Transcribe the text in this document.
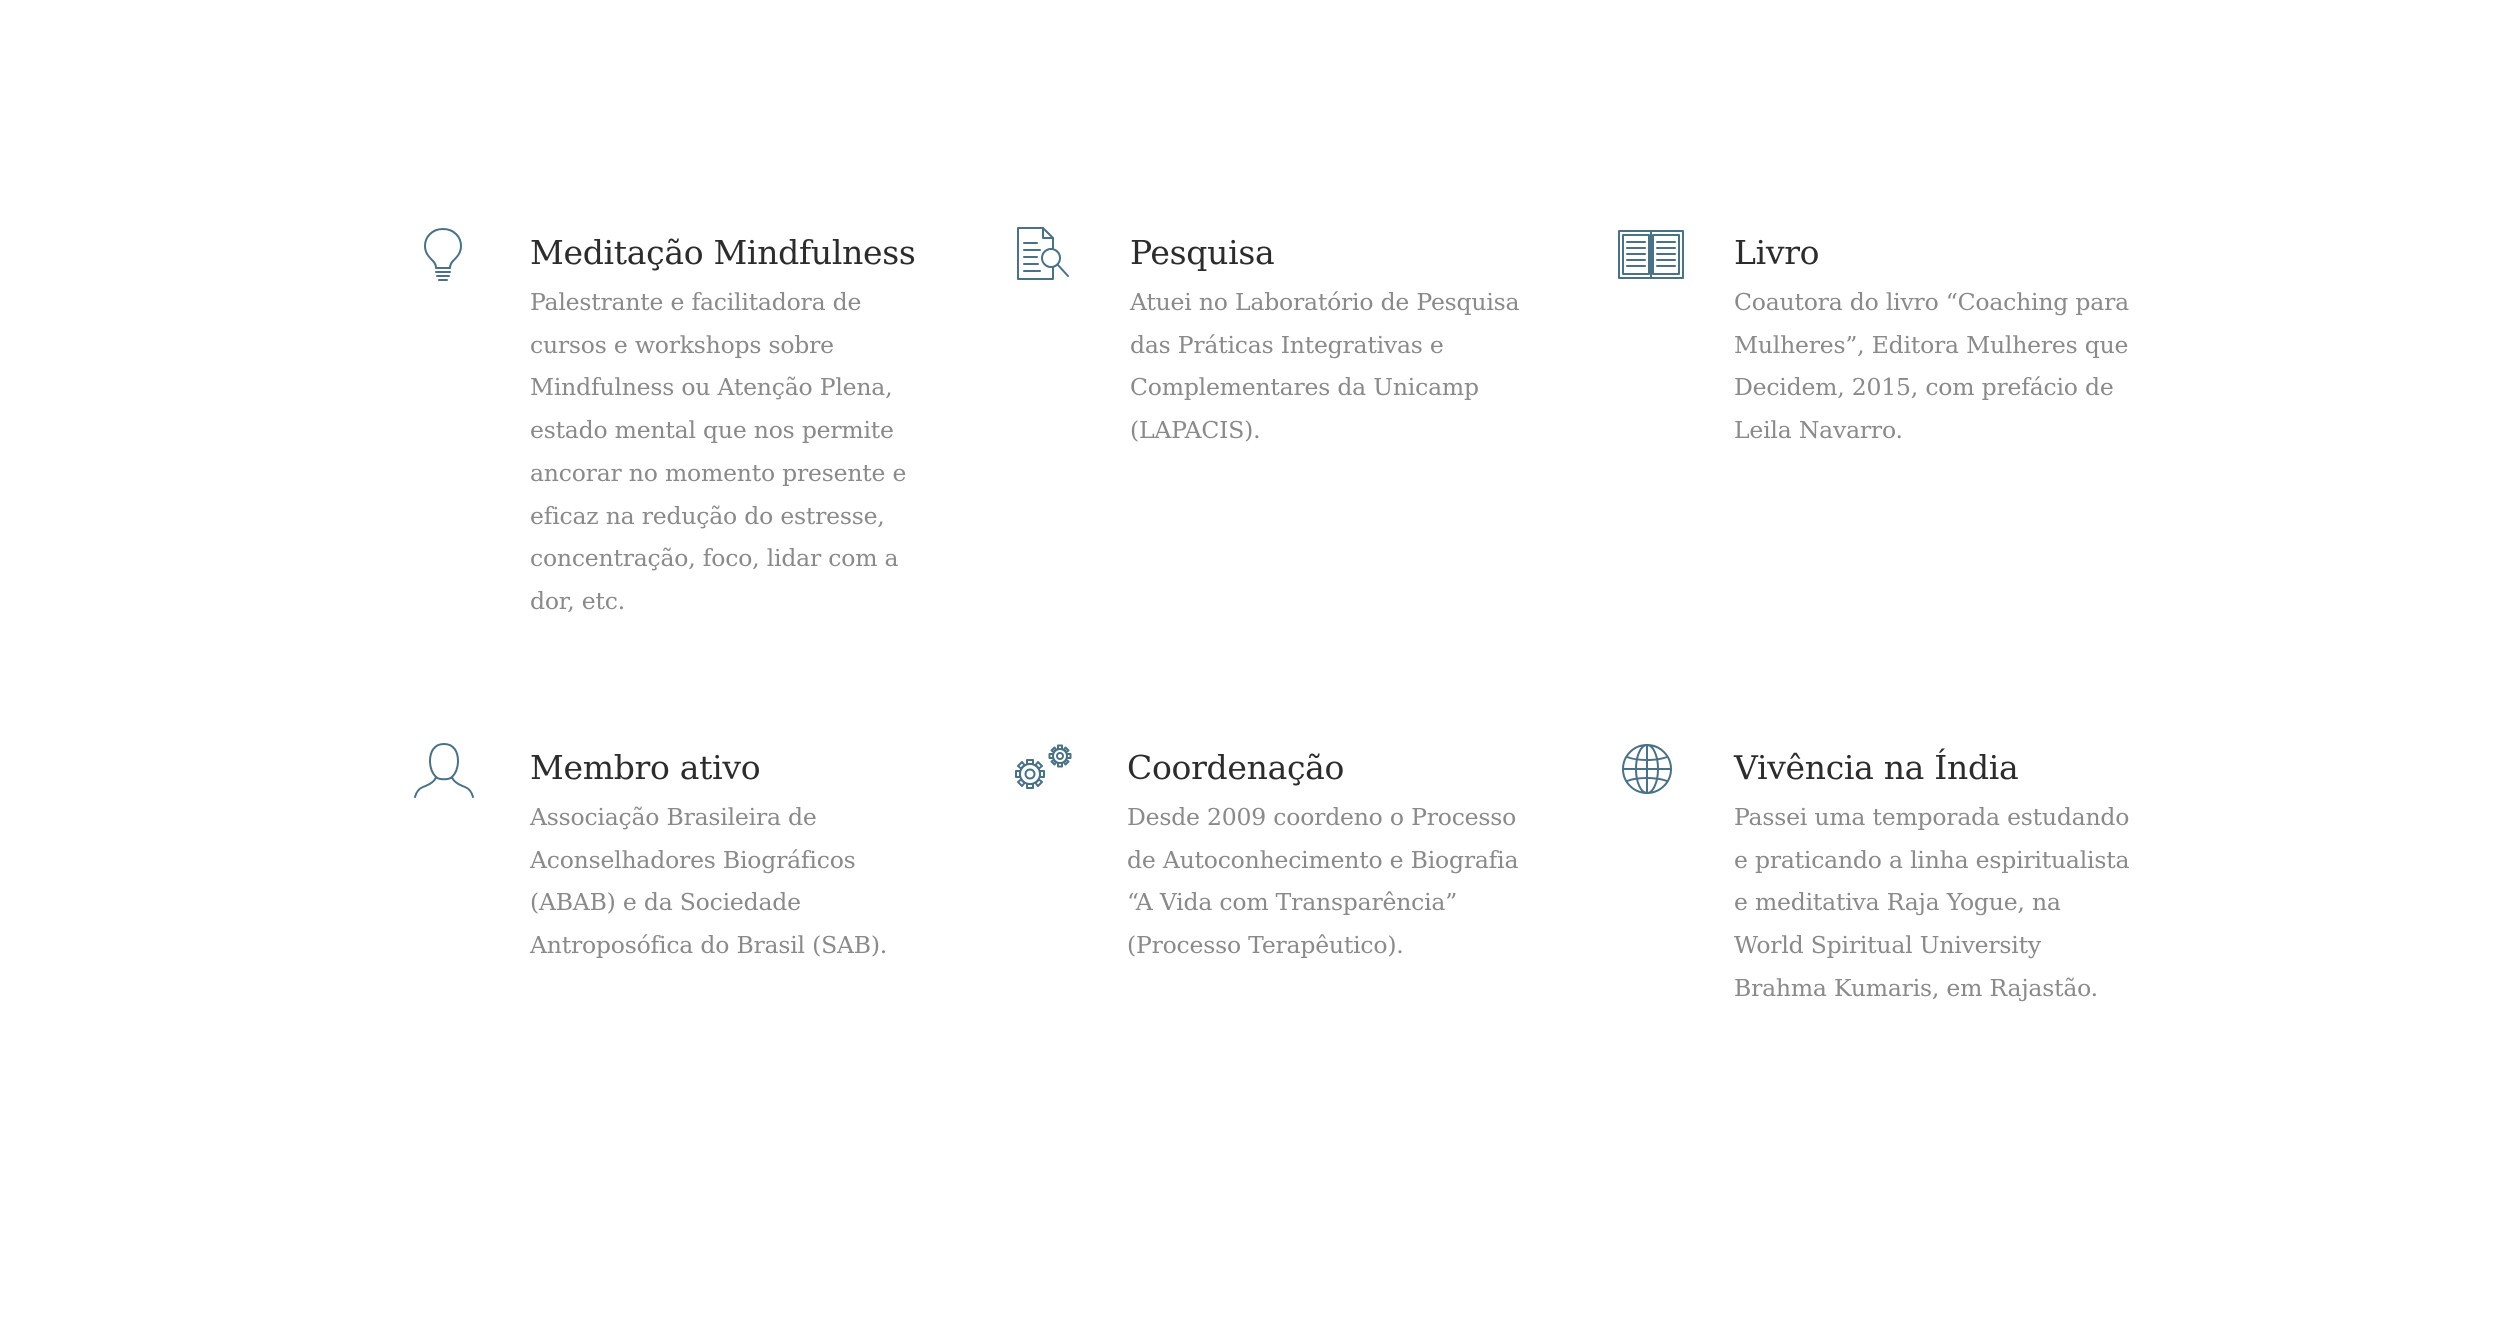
Meditação Mindfulness

Palestrante e facilitadora de cursos e workshops sobre Mindfulness ou Atenção Plena, estado mental que nos permite ancorar no momento presente e eficaz na redução do estresse, concentração, foco, lidar com a dor, etc.

Pesquisa

Atuei no Laboratório de Pesquisa das Práticas Integrativas e Complementares da Unicamp (LAPACIS).

Livro

Coautora do livro “Coaching para Mulheres”, Editora Mulheres que Decidem, 2015, com prefácio de Leila Navarro.

Membro ativo

Associação Brasileira de Aconselhadores Biográficos (ABAB) e da Sociedade Antroposófica do Brasil (SAB).

Coordenação

Desde 2009 coordeno o Processo de Autoconhecimento e Biografia “A Vida com Transparência” (Processo Terapêutico).

Vivência na Índia

Passei uma temporada estudando e praticando a linha espiritualista e meditativa Raja Yogue, na World Spiritual University Brahma Kumaris, em Rajastão.
